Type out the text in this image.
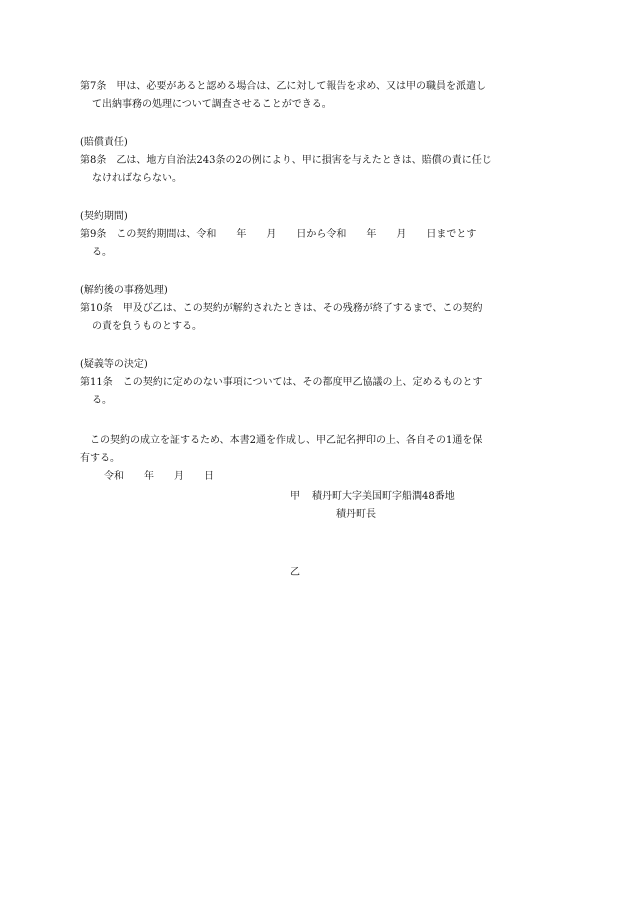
第7条　甲は、必要があると認める場合は、乙に対して報告を求め、又は甲の職員を派遣し

て出納事務の処理について調査させることができる。

(賠償責任)

第8条　乙は、地方自治法243条の2の例により、甲に損害を与えたときは、賠償の責に任じ

なければならない。

(契約期間)

第9条　この契約期間は、令和　　年　　月　　日から令和　　年　　月　　日までとす

る。

(解約後の事務処理)

第10条　甲及び乙は、この契約が解約されたときは、その残務が終了するまで、この契約

の責を負うものとする。

(疑義等の決定)

第11条　この契約に定めのない事項については、その都度甲乙協議の上、定めるものとす

る。

　この契約の成立を証するため、本書2通を作成し、甲乙記名押印の上、各自その1通を保

有する。

令和　　年　　月　　日
甲 積丹町大字美国町字船澗48番地
積丹町長
乙
